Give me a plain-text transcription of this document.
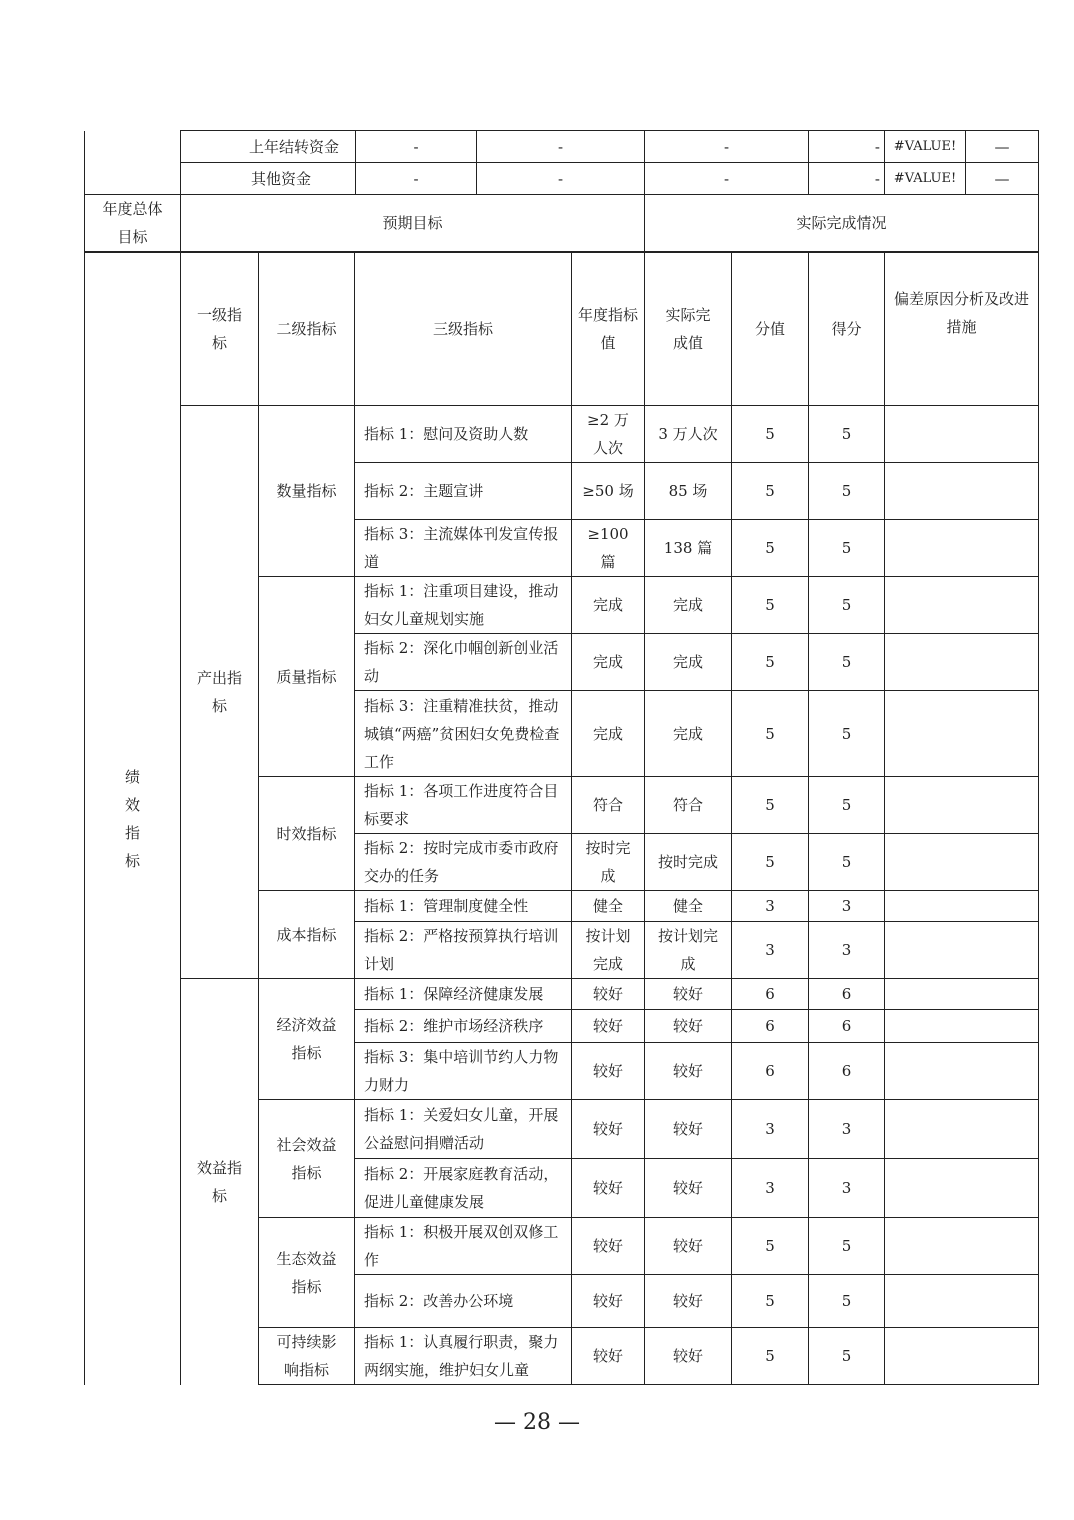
	上年结转资金	-	-	-	-	#VALUE!	—
	其他资金	-	-	-	-	#VALUE!	—
年度总体目标	预期目标			实际完成情况			
绩效指标	一级指标	二级指标	三级指标	年度指标值	实际完成值	分值	得分	偏差原因分析及改进措施
	产出指标	数量指标	指标 1：慰问及资助人数	≥2 万人次	3 万人次	5	5	
			指标 2：主题宣讲	≥50 场	85 场	5	5	
			指标 3：主流媒体刊发宣传报道	≥100 篇	138 篇	5	5	
		质量指标	指标 1：注重项目建设，推动妇女儿童规划实施	完成	完成	5	5	
			指标 2：深化巾帼创新创业活动	完成	完成	5	5	
			指标 3：注重精准扶贫，推动城镇“两癌”贫困妇女免费检查工作	完成	完成	5	5	
		时效指标	指标 1：各项工作进度符合目标要求	符合	符合	5	5	
			指标 2：按时完成市委市政府交办的任务	按时完成	按时完成	5	5	
		成本指标	指标 1：管理制度健全性	健全	健全	3	3	
			指标 2：严格按预算执行培训计划	按计划完成	按计划完成	3	3	
	效益指标	经济效益指标	指标 1：保障经济健康发展	较好	较好	6	6	
			指标 2：维护市场经济秩序	较好	较好	6	6	
			指标 3：集中培训节约人力物力财力	较好	较好	6	6	
		社会效益指标	指标 1：关爱妇女儿童，开展公益慰问捐赠活动	较好	较好	3	3	
			指标 2：开展家庭教育活动，促进儿童健康发展	较好	较好	3	3	
		生态效益指标	指标 1：积极开展双创双修工作	较好	较好	5	5	
			指标 2：改善办公环境	较好	较好	5	5	
		可持续影响指标	指标 1：认真履行职责，聚力两纲实施，维护妇女儿童	较好	较好	5	5	
— 28 —
